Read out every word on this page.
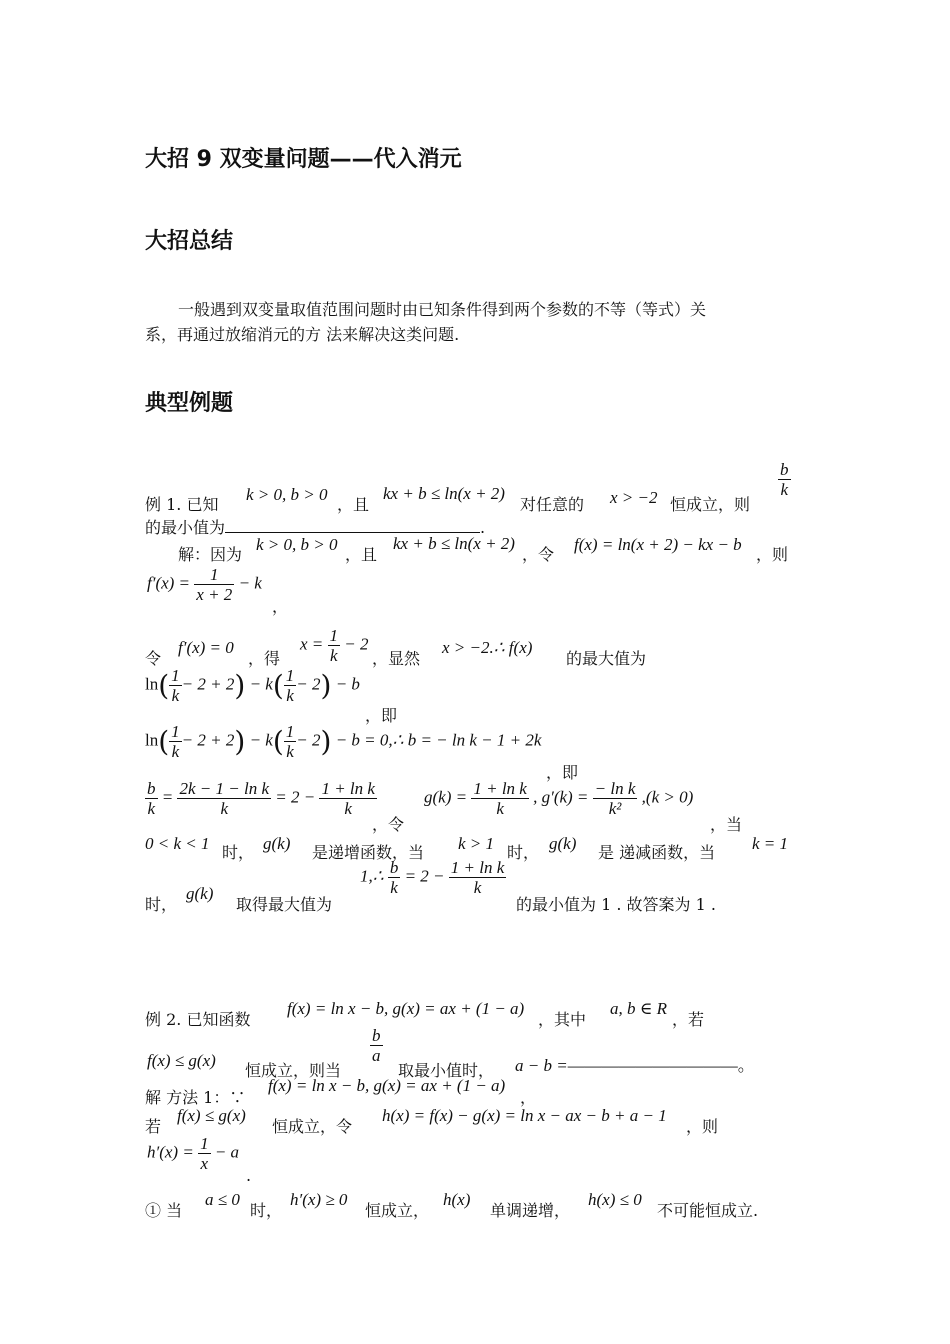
大招 9 双变量问题——代入消元
大招总结
一般遇到双变量取值范围问题时由已知条件得到两个参数的不等（等式）关
系，再通过放缩消元的方 法来解决这类问题.
典型例题
例 1. 已知
k > 0, b > 0
，且
kx + b ≤ ln(x + 2)
对任意的 x > −2 恒成立，则
$\frac{b}{k}$
的最小值为	.
解：因为
k > 0, b > 0
，且
kx + b ≤ ln(x + 2)
，令
f(x) = ln(x + 2) − kx − b
，则
$f'(x) = \frac{1}{x + 2} - k$
，
令
f′(x) = 0
，得
$x = \frac{1}{k} - 2$
，显然
x > −2.∴ f(x)
的最大值为
$\ln( \frac{1}{k} - 2 + 2) - k( \frac{1}{k} - 2) - b$
，即
$\ln( \frac{1}{k} - 2 + 2) - k( \frac{1}{k} - 2) - b$ = 0,∴ b = − ln k − 1 + 2k
，即
$\frac{b}{k} = \frac{\text{2k − 1 − ln k}}{k} = 2 - \frac{\text{1 + ln k}}{k}$
，令
$g(k) = \frac{\text{1 + ln k}}{k}$ , $g'(k) = \frac{\text{− ln k}}{\text{k²}} ,(k > 0)$
，当
0 < k < 1 时， g(k) 是递增函数，当 k > 1 时， g(k) 是 递减函数，当 k = 1
时，
g(k)
取得最大值为
1,∴ $\frac{b}{k} = 2 - \frac{\text{1 + ln k}}{k}$
的最小值为 1 . 故答案为 1 .
例 2. 已知函数
f(x) = ln x − b, g(x) = ax + (1 − a)
，其中
a, b ∈ R
，若
f(x) ≤ g(x)
恒成立，则当
$\frac{b}{a}$
取最小值时， a − b =——————————。
解 方法 1：∵
f(x) = ln x − b, g(x) = ax + (1 − a)
，
若
f(x) ≤ g(x)
恒成立，令
h(x) = f(x) − g(x) = ln x − ax − b + a − 1
，则
$h'(x) = \frac{1}{x} - a$
.
① 当
a ≤ 0
时，
h′(x) ≥ 0
恒成立，
h(x)
单调递增，
h(x) ≤ 0
不可能恒成立.
